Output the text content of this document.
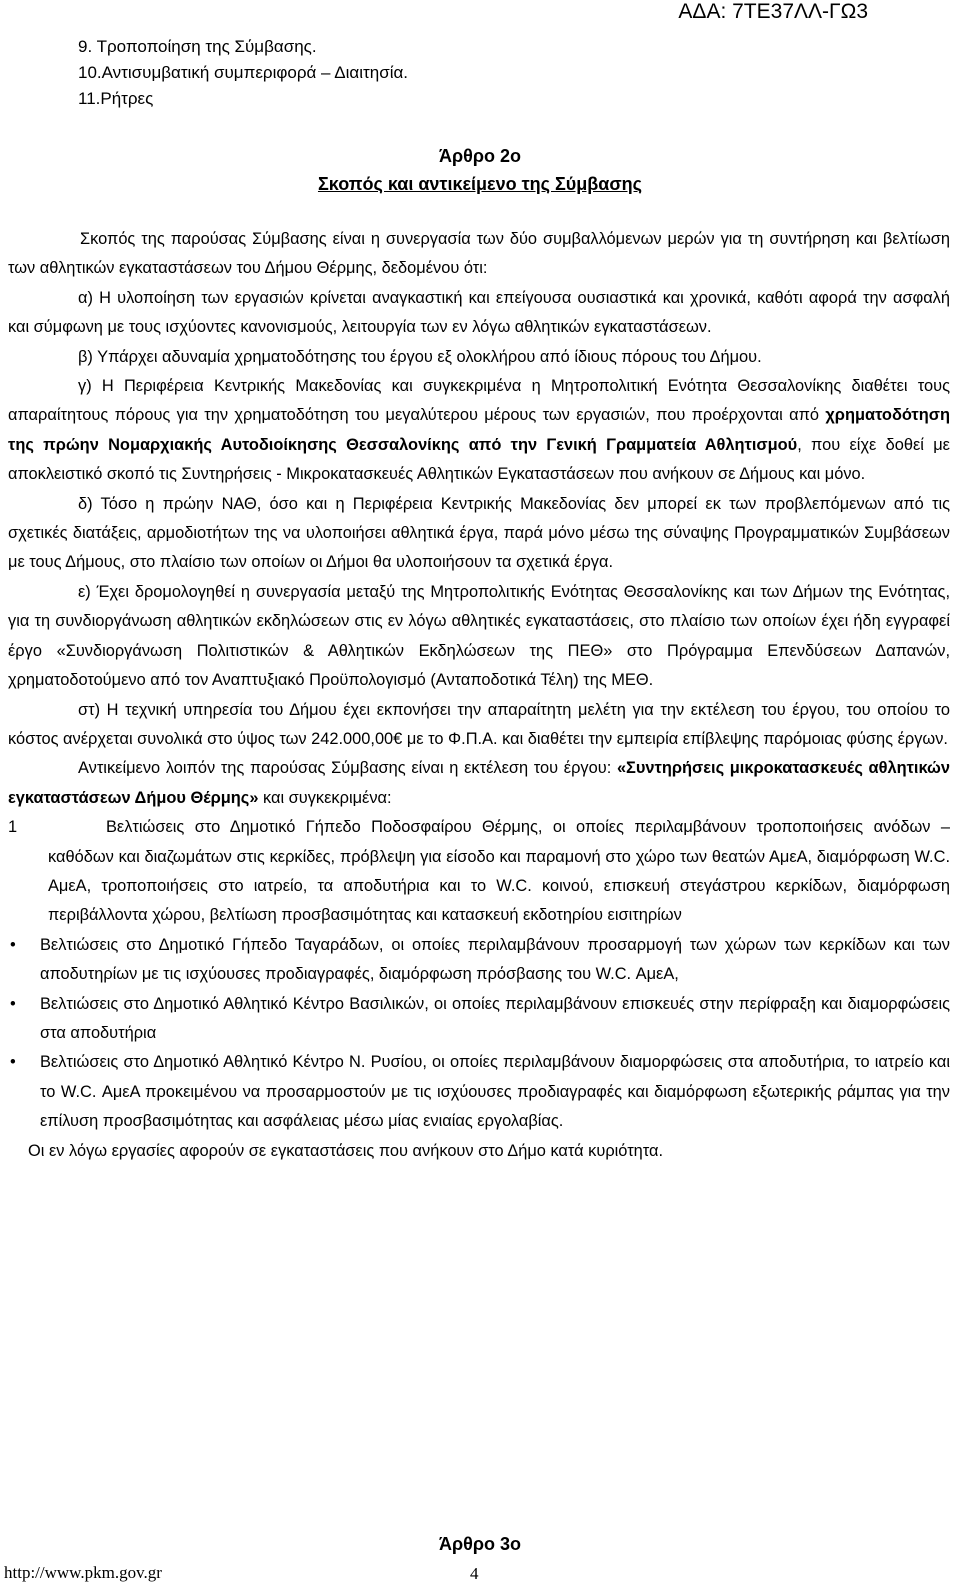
ΑΔΑ: 7ΤΕ37ΛΛ-ΓΩ3
9. Τροποποίηση της Σύμβασης.
10.Αντισυμβατική συμπεριφορά – Διαιτησία.
11.Ρήτρες
Άρθρο 2ο
Σκοπός και αντικείμενο της Σύμβασης

Σκοπός της παρούσας Σύμβασης είναι η συνεργασία των δύο συμβαλλόμενων μερών για τη συντήρηση και βελτίωση των αθλητικών εγκαταστάσεων του Δήμου Θέρμης, δεδομένου ότι:

α) Η υλοποίηση των εργασιών κρίνεται αναγκαστική και επείγουσα ουσιαστικά και χρονικά, καθότι αφορά την ασφαλή και σύμφωνη με τους ισχύοντες κανονισμούς, λειτουργία των εν λόγω αθλητικών εγκαταστάσεων.

β) Υπάρχει αδυναμία χρηματοδότησης του έργου εξ ολοκλήρου από ίδιους πόρους του Δήμου.

γ) Η Περιφέρεια Κεντρικής Μακεδονίας και συγκεκριμένα η Μητροπολιτική Ενότητα Θεσσαλονίκης διαθέτει τους απαραίτητους πόρους για την χρηματοδότηση του μεγαλύτερου μέρους των εργασιών, που προέρχονται από χρηματοδότηση της πρώην Νομαρχιακής Αυτοδιοίκησης Θεσσαλονίκης από την Γενική Γραμματεία Αθλητισμού, που είχε δοθεί με αποκλειστικό σκοπό τις Συντηρήσεις - Μικροκατασκευές Αθλητικών Εγκαταστάσεων που ανήκουν σε Δήμους και μόνο.

δ) Τόσο η πρώην ΝΑΘ, όσο και η Περιφέρεια Κεντρικής Μακεδονίας δεν μπορεί εκ των προβλεπόμενων από τις σχετικές διατάξεις, αρμοδιοτήτων της να υλοποιήσει αθλητικά έργα, παρά μόνο μέσω της σύναψης Προγραμματικών Συμβάσεων με τους Δήμους, στο πλαίσιο των οποίων οι Δήμοι θα υλοποιήσουν τα σχετικά έργα.

ε) Έχει δρομολογηθεί η συνεργασία μεταξύ της Μητροπολιτικής Ενότητας Θεσσαλονίκης και των Δήμων της Ενότητας, για τη συνδιοργάνωση αθλητικών εκδηλώσεων στις εν λόγω αθλητικές εγκαταστάσεις, στο πλαίσιο των οποίων έχει ήδη εγγραφεί έργο «Συνδιοργάνωση Πολιτιστικών & Αθλητικών Εκδηλώσεων της ΠΕΘ» στο Πρόγραμμα Επενδύσεων Δαπανών, χρηματοδοτούμενο από τον Αναπτυξιακό Προϋπολογισμό (Ανταποδοτικά Τέλη) της ΜΕΘ.

στ) Η τεχνική υπηρεσία του Δήμου έχει εκπονήσει την απαραίτητη μελέτη για την εκτέλεση του έργου, του οποίου το κόστος ανέρχεται συνολικά στο ύψος των 242.000,00€ με το Φ.Π.Α. και διαθέτει την εμπειρία επίβλεψης παρόμοιας φύσης έργων.

Αντικείμενο λοιπόν της παρούσας Σύμβασης είναι η εκτέλεση του έργου: «Συντηρήσεις μικροκατασκευές αθλητικών εγκαταστάσεων Δήμου Θέρμης» και συγκεκριμένα:

1	Βελτιώσεις στο Δημοτικό Γήπεδο Ποδοσφαίρου Θέρμης, οι οποίες περιλαμβάνουν τροποποιήσεις ανόδων – καθόδων και διαζωμάτων στις κερκίδες, πρόβλεψη για είσοδο και παραμονή στο χώρο των θεατών ΑμεΑ, διαμόρφωση W.C. ΑμεΑ, τροποποιήσεις στο ιατρείο, τα αποδυτήρια και το W.C. κοινού, επισκευή στεγάστρου κερκίδων, διαμόρφωση περιβάλλοντα χώρου, βελτίωση προσβασιμότητας και κατασκευή εκδοτηρίου εισιτηρίων

• Βελτιώσεις στο Δημοτικό Γήπεδο Ταγαράδων, οι οποίες περιλαμβάνουν προσαρμογή των χώρων των κερκίδων και των αποδυτηρίων με τις ισχύουσες προδιαγραφές, διαμόρφωση πρόσβασης του W.C. ΑμεΑ,

• Βελτιώσεις στο Δημοτικό Αθλητικό Κέντρο Βασιλικών, οι οποίες περιλαμβάνουν επισκευές στην περίφραξη και διαμορφώσεις στα αποδυτήρια

• Βελτιώσεις στο Δημοτικό Αθλητικό Κέντρο Ν. Ρυσίου, οι οποίες περιλαμβάνουν διαμορφώσεις στα αποδυτήρια, το ιατρείο και το W.C. ΑμεΑ προκειμένου να προσαρμοστούν με τις ισχύουσες προδιαγραφές και διαμόρφωση εξωτερικής ράμπας για την επίλυση προσβασιμότητας και ασφάλειας μέσω μίας ενιαίας εργολαβίας.

Οι εν λόγω εργασίες αφορούν σε εγκαταστάσεις που ανήκουν στο Δήμο κατά κυριότητα.

Άρθρο 3ο
http://www.pkm.gov.gr	4
